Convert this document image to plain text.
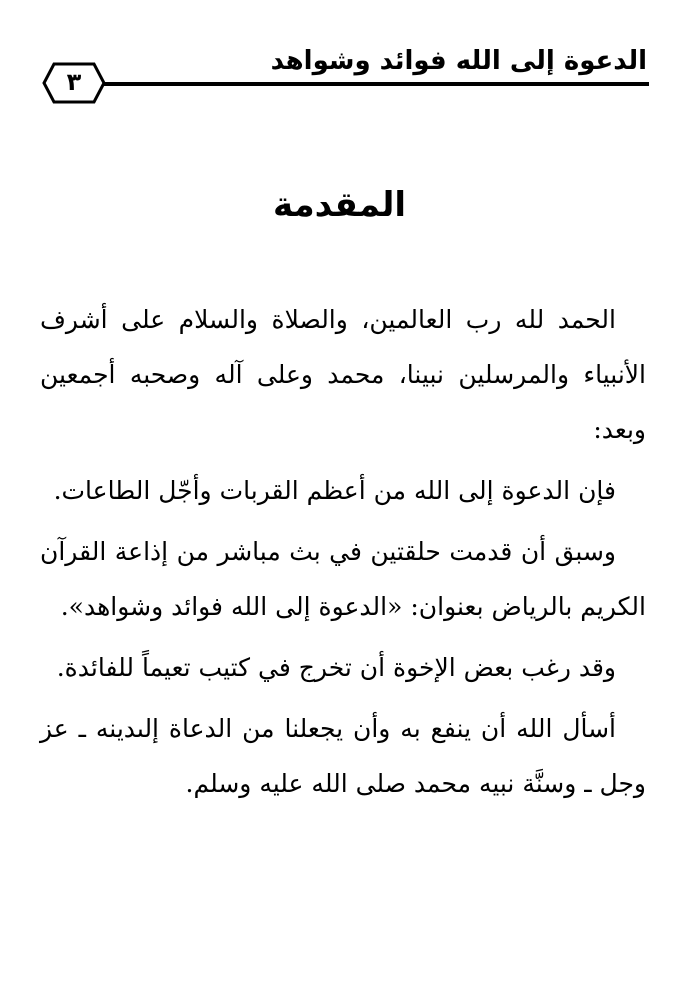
الدعوة إلى الله فوائد وشواهد
٣
المقدمة

الحمد لله رب العالمين، والصلاة والسلام على أشرف الأنبياء والمرسلين نبينا، محمد وعلى آله وصحبه أجمعين وبعد:

فإن الدعوة إلى الله من أعظم القربات وأجّل الطاعات.

وسبق أن قدمت حلقتين في بث مباشر من إذاعة القرآن الكريم بالرياض بعنوان: «الدعوة إلى الله فوائد وشواهد».

وقد رغب بعض الإخوة أن تخرج في كتيب تعيماً للفائدة.

أسأل الله أن ينفع به وأن يجعلنا من الدعاة إلىدينه ـ عز وجل ـ وسنَّة نبيه محمد صلى الله عليه وسلم.
